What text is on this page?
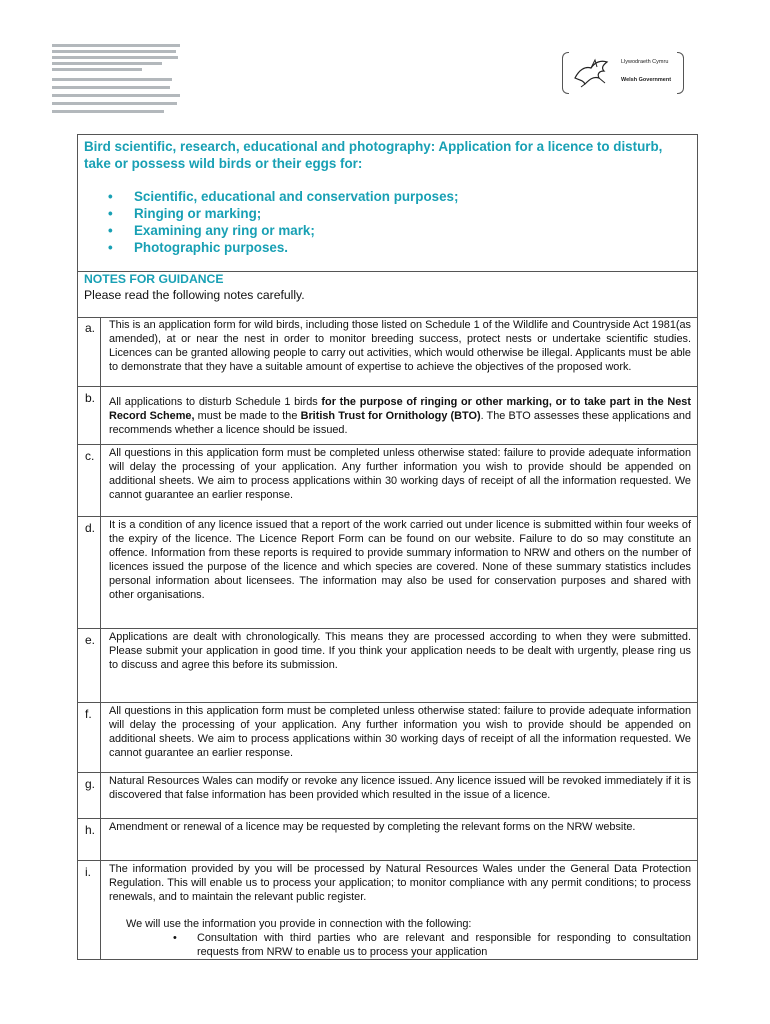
Llywodraeth Cymru
Welsh Government
Bird scientific, research, educational and photography: Application for a licence to disturb, take or possess wild birds or their eggs for:
• Scientific, educational and conservation purposes;
• Ringing or marking;
• Examining any ring or mark;
• Photographic purposes.
NOTES FOR GUIDANCE
Please read the following notes carefully.
a.	This is an application form for wild birds, including those listed on Schedule 1 of the Wildlife and Countryside Act 1981(as amended), at or near the nest in order to monitor breeding success, protect nests or undertake scientific studies. Licences can be granted allowing people to carry out activities, which would otherwise be illegal. Applicants must be able to demonstrate that they have a suitable amount of expertise to achieve the objectives of the proposed work.
b.	All applications to disturb Schedule 1 birds for the purpose of ringing or other marking, or to take part in the Nest Record Scheme, must be made to the British Trust for Ornithology (BTO). The BTO assesses these applications and recommends whether a licence should be issued.
c.	All questions in this application form must be completed unless otherwise stated: failure to provide adequate information will delay the processing of your application. Any further information you wish to provide should be appended on additional sheets. We aim to process applications within 30 working days of receipt of all the information requested. We cannot guarantee an earlier response.
d.	It is a condition of any licence issued that a report of the work carried out under licence is submitted within four weeks of the expiry of the licence. The Licence Report Form can be found on our website. Failure to do so may constitute an offence. Information from these reports is required to provide summary information to NRW and others on the number of licences issued the purpose of the licence and which species are covered. None of these summary statistics includes personal information about licensees. The information may also be used for conservation purposes and shared with other organisations.
e.	Applications are dealt with chronologically. This means they are processed according to when they were submitted. Please submit your application in good time. If you think your application needs to be dealt with urgently, please ring us to discuss and agree this before its submission.
f.	All questions in this application form must be completed unless otherwise stated: failure to provide adequate information will delay the processing of your application. Any further information you wish to provide should be appended on additional sheets. We aim to process applications within 30 working days of receipt of all the information requested. We cannot guarantee an earlier response.
g.	Natural Resources Wales can modify or revoke any licence issued. Any licence issued will be revoked immediately if it is discovered that false information has been provided which resulted in the issue of a licence.
h.	Amendment or renewal of a licence may be requested by completing the relevant forms on the NRW website.
i.	The information provided by you will be processed by Natural Resources Wales under the General Data Protection Regulation. This will enable us to process your application; to monitor compliance with any permit conditions; to process renewals, and to maintain the relevant public register.
We will use the information you provide in connection with the following:
• Consultation with third parties who are relevant and responsible for responding to consultation requests from NRW to enable us to process your application
